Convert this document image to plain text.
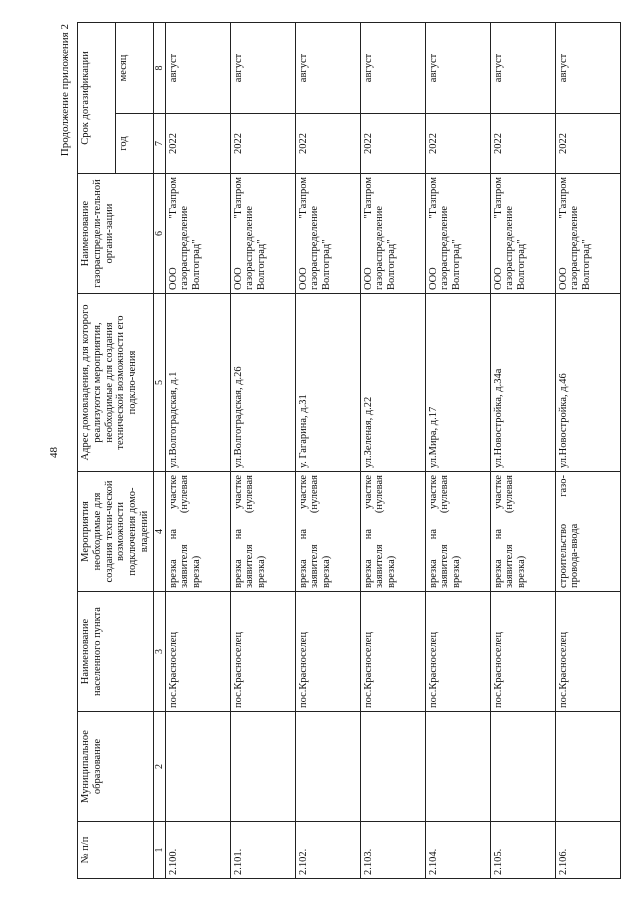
48
Продолжение приложения 2
№ п/п	Муниципальное образование	Наименование населенного пункта	Мероприятия необходимые для создания техни-ческой возможности подключения домо-владений	Адрес домовладения, для которого реализуются мероприятия, необходимые для создания технической возможности его подклю-чения	Наименование газораспредели-тельной органи-зации	Срок догазификации	
						год	месяц
1	2	3	4	5	6	7	8
2.100.		пос.Красноселец	врезка на участке заявителя (нулевая врезка)	ул.Волгоградская, д.1	ООО "Газпром газораспределение Волгоград"	2022	август
2.101.		пос.Красноселец	врезка на участке заявителя (нулевая врезка)	ул.Волгоградская, д.26	ООО "Газпром газораспределение Волгоград"	2022	август
2.102.		пос.Красноселец	врезка на участке заявителя (нулевая врезка)	у. Гагарина, д.31	ООО "Газпром газораспределение Волгоград"	2022	август
2.103.		пос.Красноселец	врезка на участке заявителя (нулевая врезка)	ул.Зеленая, д.22	ООО "Газпром газораспределение Волгоград"	2022	август
2.104.		пос.Красноселец	врезка на участке заявителя (нулевая врезка)	ул.Мира, д.17	ООО "Газпром газораспределение Волгоград"	2022	август
2.105.		пос.Красноселец	врезка на участке заявителя (нулевая врезка)	ул.Новостройка, д.34а	ООО "Газпром газораспределение Волгоград"	2022	август
2.106.		пос.Красноселец	строительство газо-провода-ввода	ул.Новостройка, д.46	ООО "Газпром газораспределение Волгоград"	2022	август
